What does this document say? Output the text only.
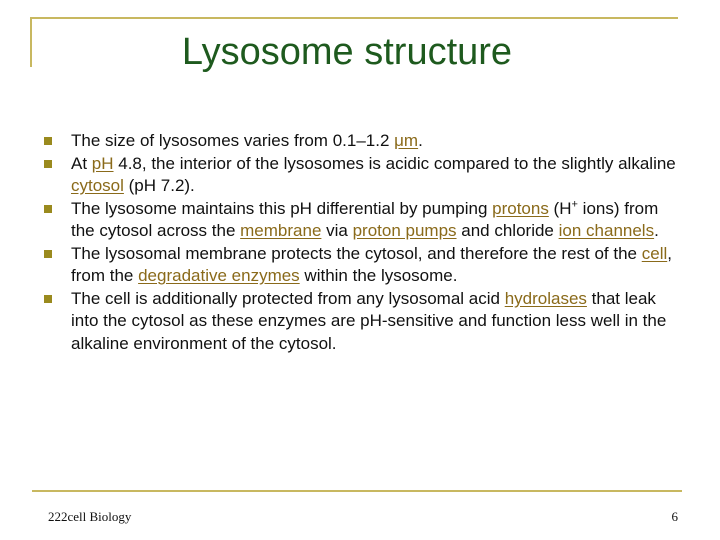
Lysosome structure
The size of lysosomes varies from 0.1–1.2 μm.
At pH 4.8, the interior of the lysosomes is acidic compared to the slightly alkaline cytosol (pH 7.2).
The lysosome maintains this pH differential by pumping protons (H+ ions) from the cytosol across the membrane via proton pumps and chloride ion channels.
The lysosomal membrane protects the cytosol, and therefore the rest of the cell, from the degradative enzymes within the lysosome.
The cell is additionally protected from any lysosomal acid hydrolases that leak into the cytosol as these enzymes are pH-sensitive and function less well in the alkaline environment of the cytosol.
222cell Biology	6
